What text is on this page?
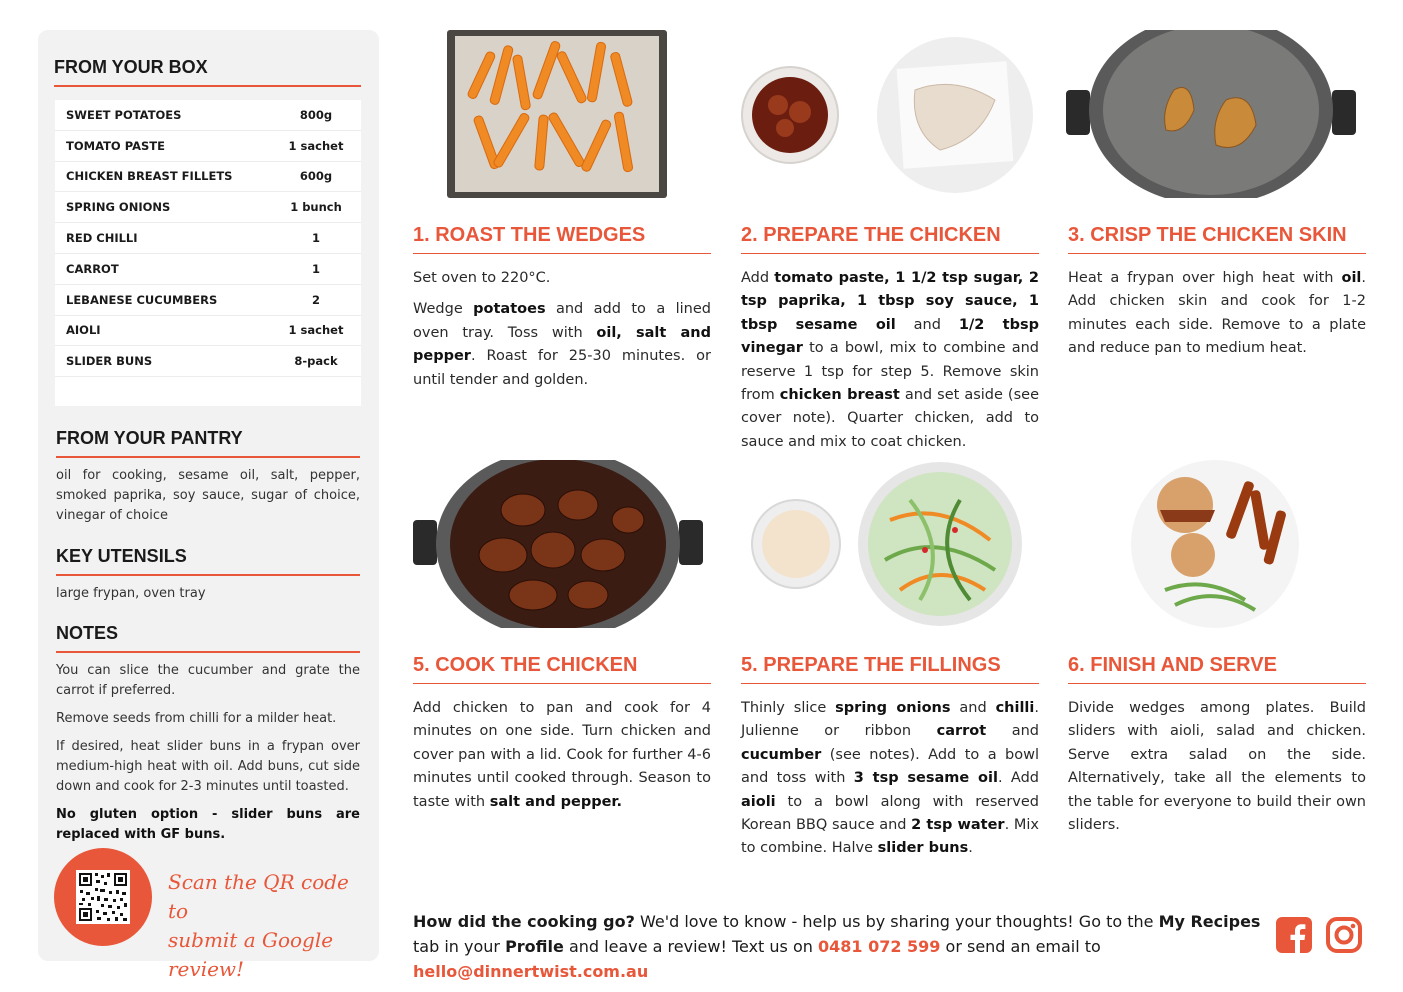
FROM YOUR BOX
SWEET POTATOES	800g
TOMATO PASTE	1 sachet
CHICKEN BREAST FILLETS	600g
SPRING ONIONS	1 bunch
RED CHILLI	1
CARROT	1
LEBANESE CUCUMBERS	2
AIOLI	1 sachet
SLIDER BUNS	8-pack
FROM YOUR PANTRY

oil for cooking, sesame oil, salt, pepper, smoked paprika, soy sauce, sugar of choice, vinegar of choice

KEY UTENSILS

large frypan, oven tray

NOTES

You can slice the cucumber and grate the carrot if preferred.

Remove seeds from chilli for a milder heat.

If desired, heat slider buns in a frypan over medium-high heat with oil. Add buns, cut side down and cook for 2-3 minutes until toasted.

No gluten option - slider buns are replaced with GF buns.

Scan the QR code to
submit a Google review!
1. ROAST THE WEDGES

Set oven to 220°C.

Wedge potatoes and add to a lined oven tray. Toss with oil, salt and pepper. Roast for 25-30 minutes. or until tender and golden.

2. PREPARE THE CHICKEN

Add tomato paste, 1 1/2 tsp sugar, 2 tsp paprika, 1 tbsp soy sauce, 1 tbsp sesame oil and 1/2 tbsp vinegar to a bowl, mix to combine and reserve 1 tsp for step 5. Remove skin from chicken breast and set aside (see cover note). Quarter chicken, add to sauce and mix to coat chicken.

3. CRISP THE CHICKEN SKIN

Heat a frypan over high heat with oil. Add chicken skin and cook for 1-2 minutes each side. Remove to a plate and reduce pan to medium heat.

5. COOK THE CHICKEN

Add chicken to pan and cook for 4 minutes on one side. Turn chicken and cover pan with a lid. Cook for further 4-6 minutes until cooked through. Season to taste with salt and pepper.

5. PREPARE THE FILLINGS

Thinly slice spring onions and chilli. Julienne or ribbon carrot and cucumber (see notes). Add to a bowl and toss with 3 tsp sesame oil. Add aioli to a bowl along with reserved Korean BBQ sauce and 2 tsp water. Mix to combine. Halve slider buns.

6. FINISH AND SERVE

Divide wedges among plates. Build sliders with aioli, salad and chicken. Serve extra salad on the side. Alternatively, take all the elements to the table for everyone to build their own sliders.

How did the cooking go? We'd love to know - help us by sharing your thoughts! Go to the My Recipes tab in your Profile and leave a review! Text us on 0481 072 599 or send an email to hello@dinnertwist.com.au
